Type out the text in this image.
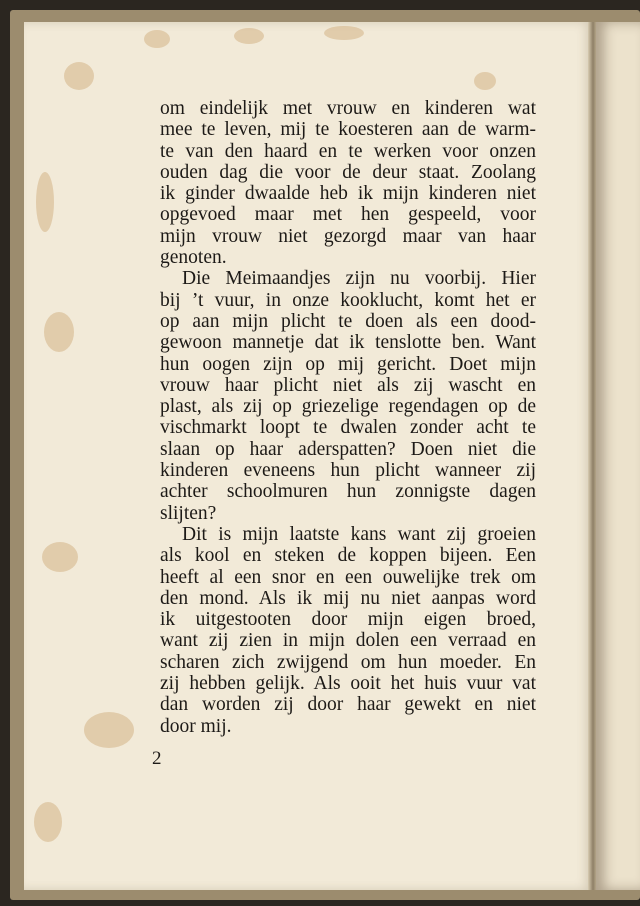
om eindelijk met vrouw en kinderen wat
mee te leven, mij te koesteren aan de warm-
te van den haard en te werken voor onzen
ouden dag die voor de deur staat. Zoolang
ik ginder dwaalde heb ik mijn kinderen niet
opgevoed maar met hen gespeeld, voor
mijn vrouw niet gezorgd maar van haar
genoten.
Die Meimaandjes zijn nu voorbij. Hier
bij ’t vuur, in onze kooklucht, komt het er
op aan mijn plicht te doen als een dood-
gewoon mannetje dat ik tenslotte ben. Want
hun oogen zijn op mij gericht. Doet mijn
vrouw haar plicht niet als zij wascht en
plast, als zij op griezelige regendagen op de
vischmarkt loopt te dwalen zonder acht te
slaan op haar aderspatten? Doen niet die
kinderen eveneens hun plicht wanneer zij
achter schoolmuren hun zonnigste dagen
slijten?
Dit is mijn laatste kans want zij groeien
als kool en steken de koppen bijeen. Een
heeft al een snor en een ouwelijke trek om
den mond. Als ik mij nu niet aanpas word
ik uitgestooten door mijn eigen broed,
want zij zien in mijn dolen een verraad en
scharen zich zwijgend om hun moeder. En
zij hebben gelijk. Als ooit het huis vuur vat
dan worden zij door haar gewekt en niet
door mij.
2
